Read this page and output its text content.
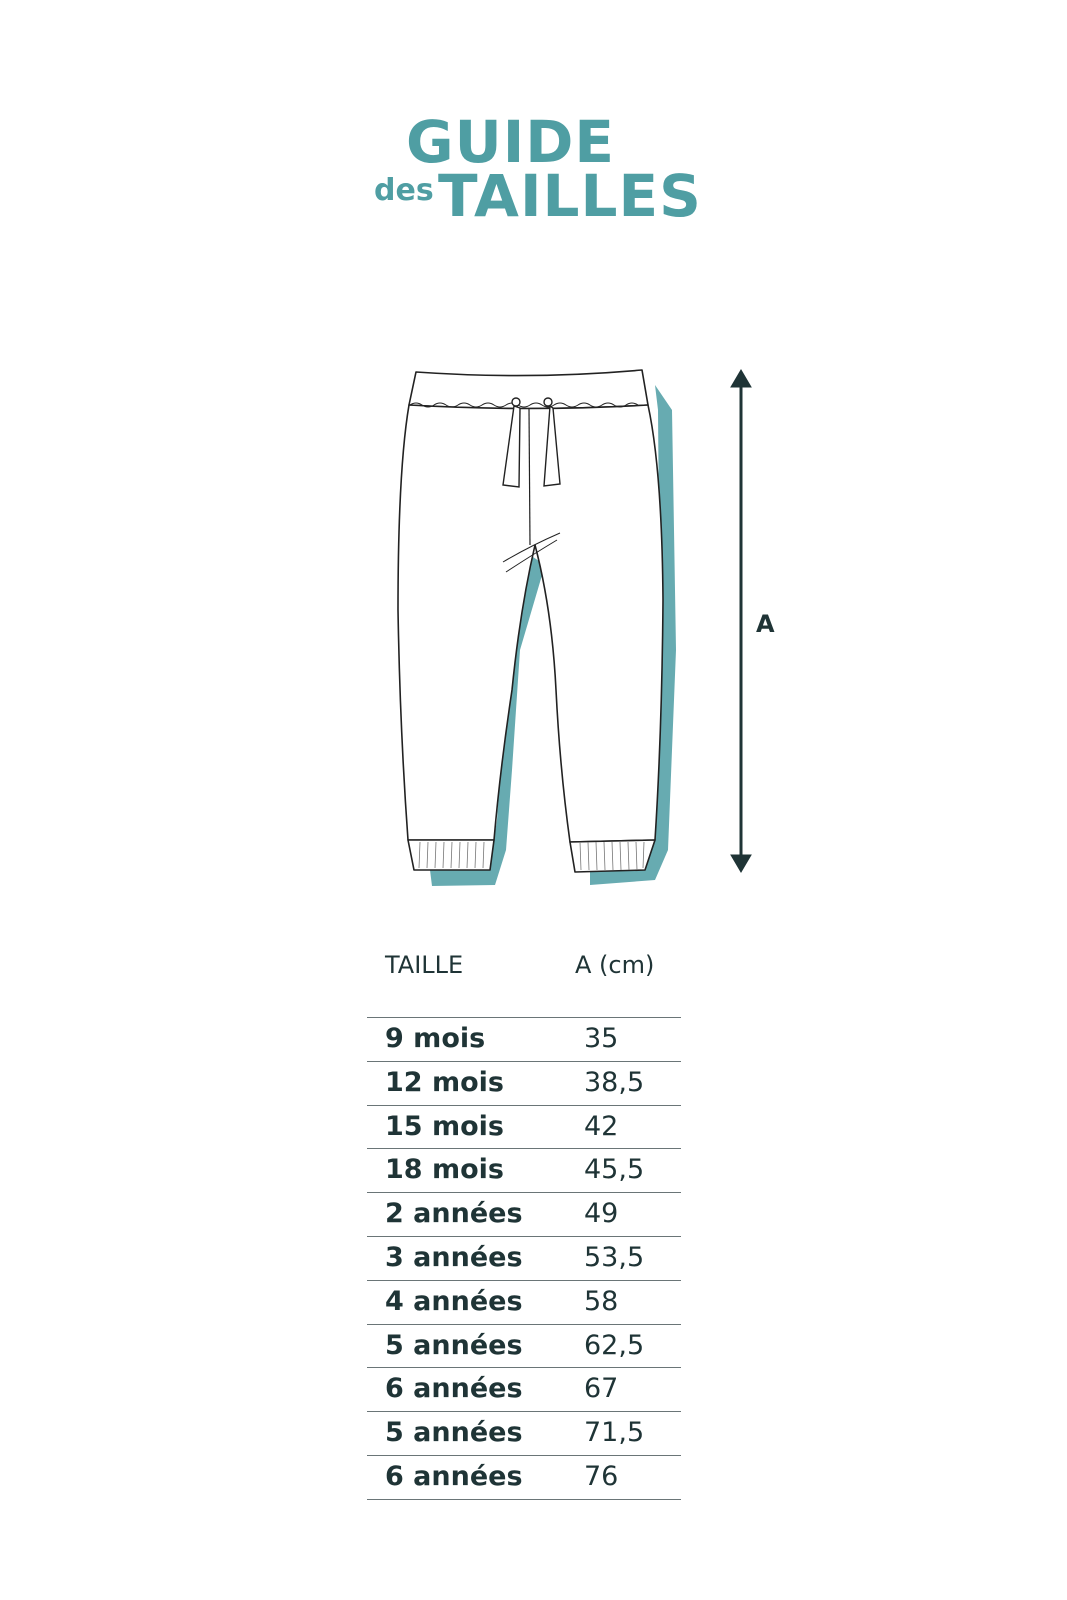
GUIDE
des TAILLES
A
TAILLE	A (cm)
9 mois	35
12 mois	38,5
15 mois	42
18 mois	45,5
2 années 49
3 années 53,5
4 années 58
5 années 62,5
6 années 67
5 années 71,5
6 années 76
